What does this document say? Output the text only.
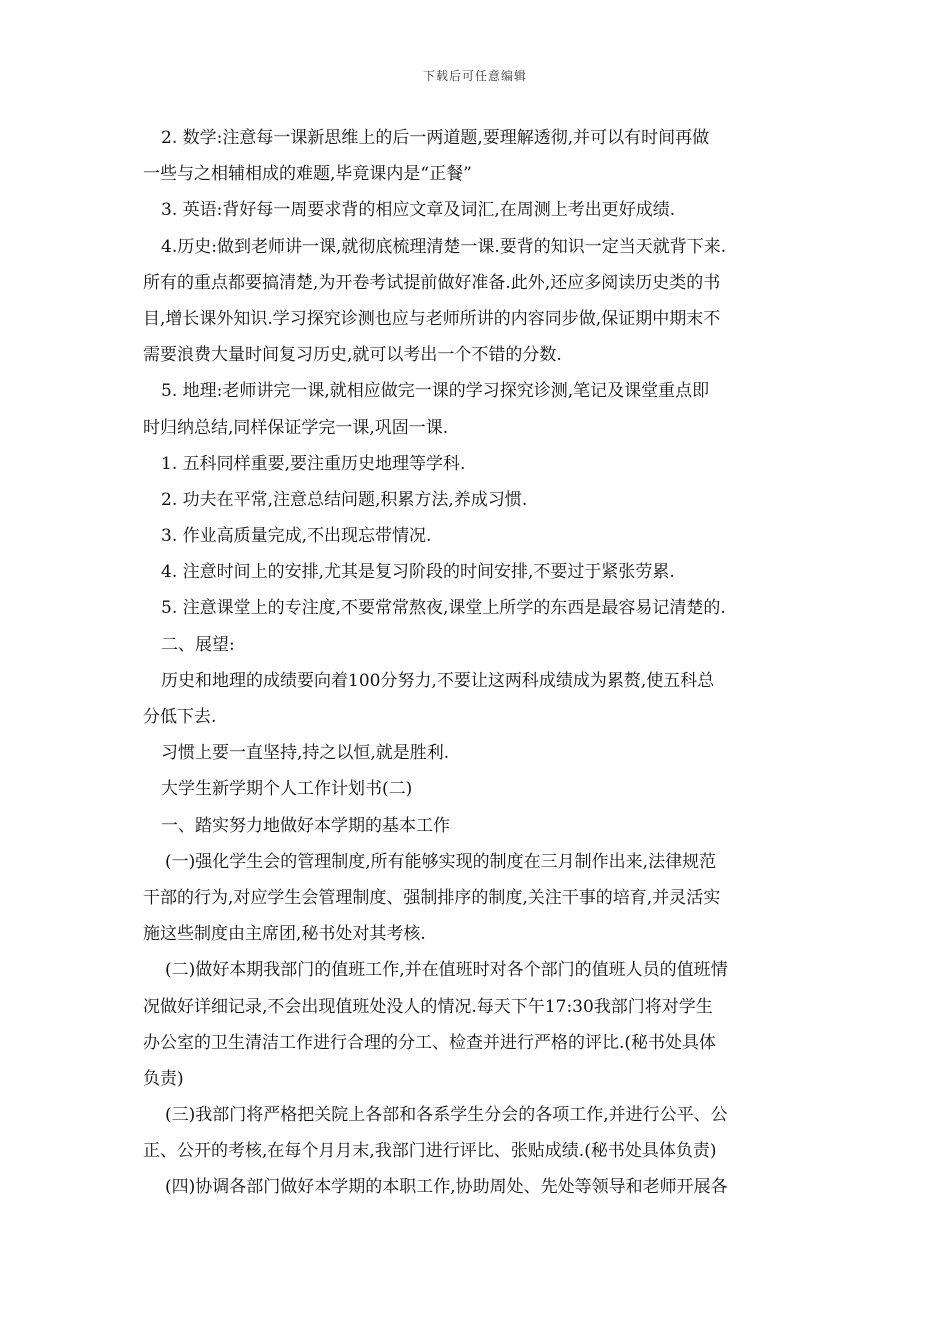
下载后可任意编辑
2. 数学:注意每一课新思维上的后一两道题,要理解透彻,并可以有时间再做
一些与之相辅相成的难题,毕竟课内是“正餐”
3. 英语:背好每一周要求背的相应文章及词汇,在周测上考出更好成绩.
4.历史:做到老师讲一课,就彻底梳理清楚一课.要背的知识一定当天就背下来.
所有的重点都要搞清楚,为开卷考试提前做好准备.此外,还应多阅读历史类的书
目,增长课外知识.学习探究诊测也应与老师所讲的内容同步做,保证期中期末不
需要浪费大量时间复习历史,就可以考出一个不错的分数.
5. 地理:老师讲完一课,就相应做完一课的学习探究诊测,笔记及课堂重点即
时归纳总结,同样保证学完一课,巩固一课.
1. 五科同样重要,要注重历史地理等学科.
2. 功夫在平常,注意总结问题,积累方法,养成习惯.
3. 作业高质量完成,不出现忘带情况.
4. 注意时间上的安排,尤其是复习阶段的时间安排,不要过于紧张劳累.
5. 注意课堂上的专注度,不要常常熬夜,课堂上所学的东西是最容易记清楚的.
二、展望:
历史和地理的成绩要向着100分努力,不要让这两科成绩成为累赘,使五科总
分低下去.
习惯上要一直坚持,持之以恒,就是胜利.
大学生新学期个人工作计划书(二)
一、踏实努力地做好本学期的基本工作
(一)强化学生会的管理制度,所有能够实现的制度在三月制作出来,法律规范
干部的行为,对应学生会管理制度、强制排序的制度,关注干事的培育,并灵活实
施这些制度由主席团,秘书处对其考核.
(二)做好本期我部门的值班工作,并在值班时对各个部门的值班人员的值班情
况做好详细记录,不会出现值班处没人的情况.每天下午17:30我部门将对学生
办公室的卫生清洁工作进行合理的分工、检查并进行严格的评比.(秘书处具体
负责)
(三)我部门将严格把关院上各部和各系学生分会的各项工作,并进行公平、公
正、公开的考核,在每个月月末,我部门进行评比、张贴成绩.(秘书处具体负责)
(四)协调各部门做好本学期的本职工作,协助周处、先处等领导和老师开展各
